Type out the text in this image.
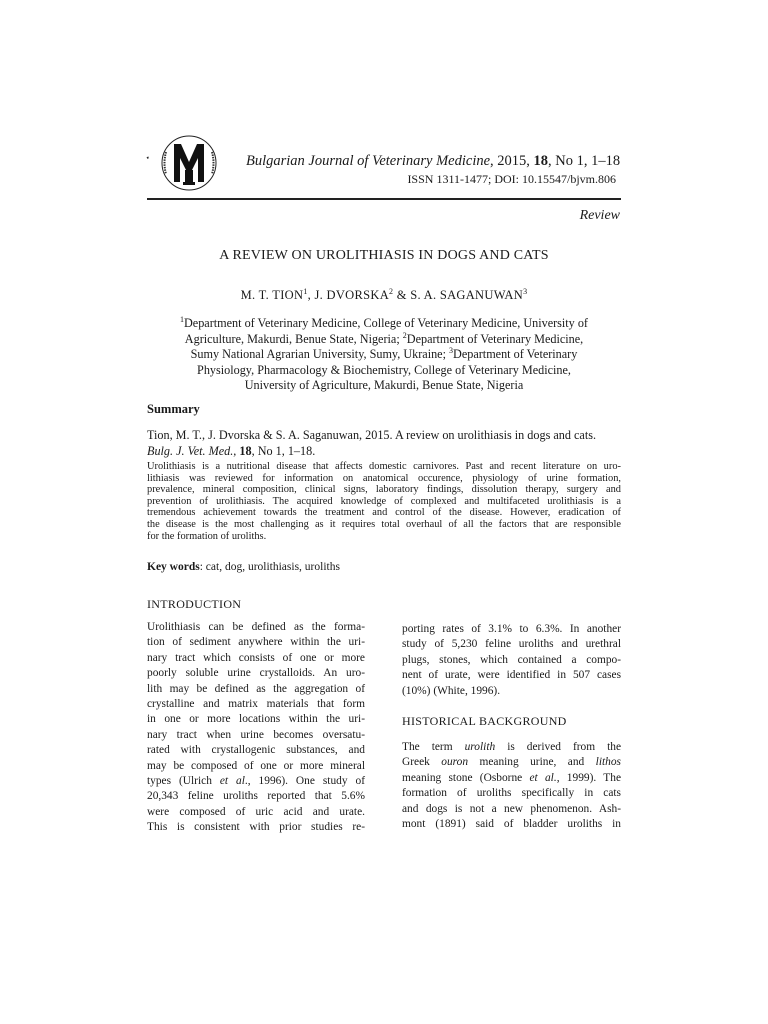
✦	Bulgarian Journal of Veterinary Medicine, 2015, 18, No 1, 1–18
ISSN 1311-1477; DOI: 10.15547/bjvm.806
Review
A REVIEW ON UROLITHIASIS IN DOGS AND CATS
M. T. TION$^1$, J. DVORSKA$^2$ & S. A. SAGANUWAN$^3$
$^1$Department of Veterinary Medicine, College of Veterinary Medicine, University of
Agriculture, Makurdi, Benue State, Nigeria; $^2$Department of Veterinary Medicine,
Sumy National Agrarian University, Sumy, Ukraine; $^3$Department of Veterinary
Physiology, Pharmacology & Biochemistry, College of Veterinary Medicine,
University of Agriculture, Makurdi, Benue State, Nigeria
Summary
Tion, M. T., J. Dvorska & S. A. Saganuwan, 2015. A review on urolithiasis in dogs and cats.
Bulg. J. Vet. Med., 18, No 1, 1–18.
Urolithiasis is a nutritional disease that affects domestic carnivores. Past and recent literature on uro-
lithiasis was reviewed for information on anatomical occurence, physiology of urine formation,
prevalence, mineral composition, clinical signs, laboratory findings, dissolution therapy, surgery and
prevention of urolithiasis. The acquired knowledge of complexed and multifaceted urolithiasis is a
tremendous achievement towards the treatment and control of the disease. However, eradication of
the disease is the most challenging as it requires total overhaul of all the factors that are responsible
for the formation of uroliths.
Key words: cat, dog, urolithiasis, uroliths
INTRODUCTION
Urolithiasis can be defined as the forma-
tion of sediment anywhere within the uri-
nary tract which consists of one or more
poorly soluble urine crystalloids. An uro-
lith may be defined as the aggregation of
crystalline and matrix materials that form
in one or more locations within the uri-
nary tract when urine becomes oversatu-
rated with crystallogenic substances, and
may be composed of one or more mineral
types (Ulrich et al., 1996). One study of
20,343 feline uroliths reported that 5.6%
were composed of uric acid and urate.
This is consistent with prior studies re-
porting rates of 3.1% to 6.3%. In another
study of 5,230 feline uroliths and urethral
plugs, stones, which contained a compo-
nent of urate, were identified in 507 cases
(10%) (White, 1996).
HISTORICAL BACKGROUND
The term urolith is derived from the
Greek ouron meaning urine, and lithos
meaning stone (Osborne et al., 1999). The
formation of uroliths specifically in cats
and dogs is not a new phenomenon. Ash-
mont (1891) said of bladder uroliths in
